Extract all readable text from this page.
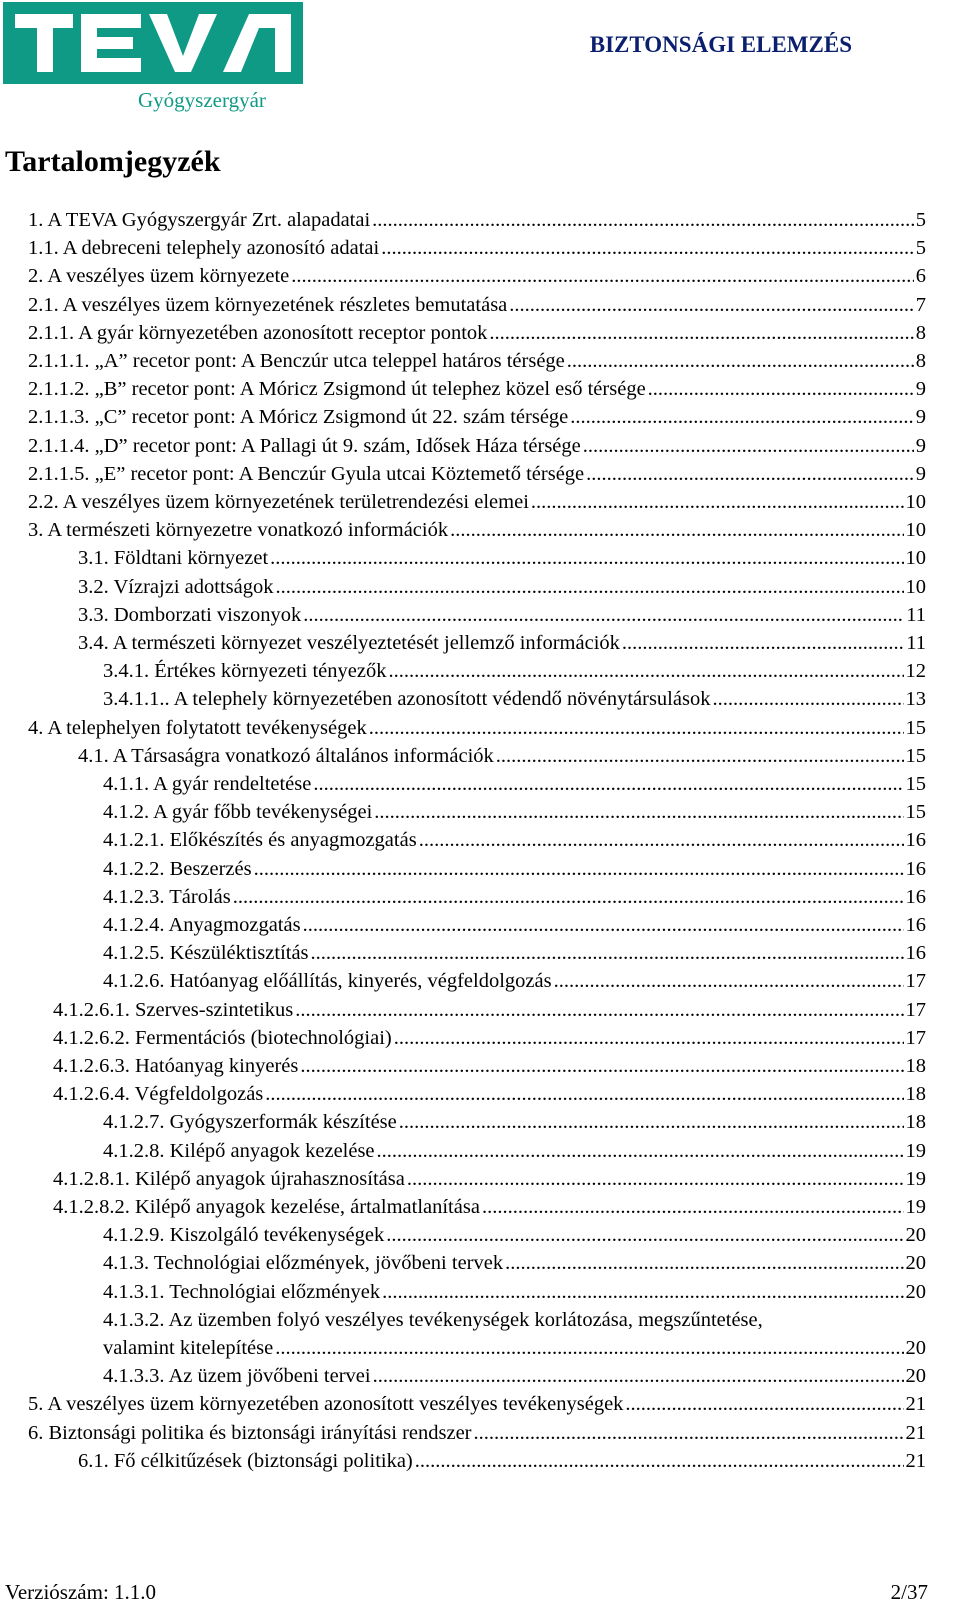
Gyógyszergyár
BIZTONSÁGI ELEMZÉS
Tartalomjegyzék
1. A TEVA Gyógyszergyár Zrt. alapadatai .....	5
1.1. A debreceni telephely azonosító adatai .....	5
2. A veszélyes üzem környezete .....	6
2.1. A veszélyes üzem környezetének részletes bemutatása .....	7
2.1.1. A gyár környezetében azonosított receptor pontok .....	8
2.1.1.1. „A” recetor pont: A Benczúr utca teleppel határos térsége .....	8
2.1.1.2. „B” recetor pont: A Móricz Zsigmond út telephez közel eső térsége .....	9
2.1.1.3. „C” recetor pont: A Móricz Zsigmond út 22. szám térsége .....	9
2.1.1.4. „D” recetor pont: A Pallagi út 9. szám, Idősek Háza térsége .....	9
2.1.1.5. „E” recetor pont: A Benczúr Gyula utcai Köztemető térsége .....	9
2.2. A veszélyes üzem környezetének területrendezési elemei .....	10
3. A természeti környezetre vonatkozó információk .....	10
3.1. Földtani környezet .....	10
3.2. Vízrajzi adottságok .....	10
3.3. Domborzati viszonyok .....	11
3.4. A természeti környezet veszélyeztetését jellemző információk .....	11
3.4.1. Értékes környezeti tényezők .....	12
3.4.1.1.. A telephely környezetében azonosított védendő növénytársulások .....	13
4. A telephelyen folytatott tevékenységek .....	15
4.1. A Társaságra vonatkozó általános információk .....	15
4.1.1. A gyár rendeltetése .....	15
4.1.2. A gyár főbb tevékenységei .....	15
4.1.2.1. Előkészítés és anyagmozgatás .....	16
4.1.2.2. Beszerzés .....	16
4.1.2.3. Tárolás .....	16
4.1.2.4. Anyagmozgatás .....	16
4.1.2.5. Készüléktisztítás .....	16
4.1.2.6. Hatóanyag előállítás, kinyerés, végfeldolgozás .....	17
4.1.2.6.1. Szerves-szintetikus .....	17
4.1.2.6.2. Fermentációs (biotechnológiai) .....	17
4.1.2.6.3. Hatóanyag kinyerés .....	18
4.1.2.6.4. Végfeldolgozás .....	18
4.1.2.7. Gyógyszerformák készítése .....	18
4.1.2.8. Kilépő anyagok kezelése .....	19
4.1.2.8.1. Kilépő anyagok újrahasznosítása .....	19
4.1.2.8.2. Kilépő anyagok kezelése, ártalmatlanítása .....	19
4.1.2.9. Kiszolgáló tevékenységek .....	20
4.1.3. Technológiai előzmények, jövőbeni tervek .....	20
4.1.3.1. Technológiai előzmények .....	20
4.1.3.2. Az üzemben folyó veszélyes tevékenységek korlátozása, megszűntetése,
valamint kitelepítése .....	20
4.1.3.3. Az üzem jövőbeni tervei .....	20
5. A veszélyes üzem környezetében azonosított veszélyes tevékenységek .....	21
6. Biztonsági politika és biztonsági irányítási rendszer .....	21
6.1. Fő célkitűzések (biztonsági politika) .....	21
Verziószám: 1.1.0	2/37
